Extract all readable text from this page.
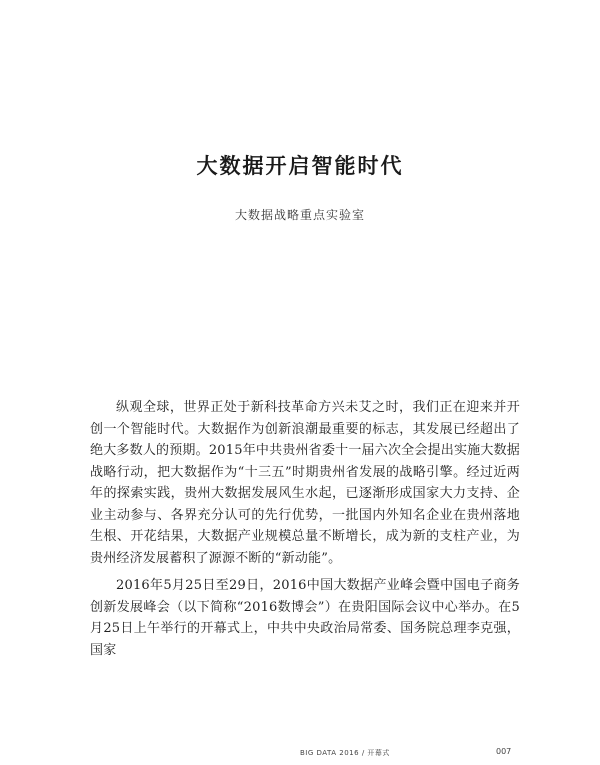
大数据开启智能时代
大数据战略重点实验室

纵观全球，世界正处于新科技革命方兴未艾之时，我们正在迎来并开创一个智能时代。大数据作为创新浪潮最重要的标志，其发展已经超出了绝大多数人的预期。2015年中共贵州省委十一届六次全会提出实施大数据战略行动，把大数据作为“十三五”时期贵州省发展的战略引擎。经过近两年的探索实践，贵州大数据发展风生水起，已逐渐形成国家大力支持、企业主动参与、各界充分认可的先行优势，一批国内外知名企业在贵州落地生根、开花结果，大数据产业规模总量不断增长，成为新的支柱产业，为贵州经济发展蓄积了源源不断的“新动能”。

2016年5月25日至29日，2016中国大数据产业峰会暨中国电子商务创新发展峰会（以下简称“2016数博会”）在贵阳国际会议中心举办。在5月25日上午举行的开幕式上，中共中央政治局常委、国务院总理李克强，国家

BIG DATA 2016 / 开幕式	007
